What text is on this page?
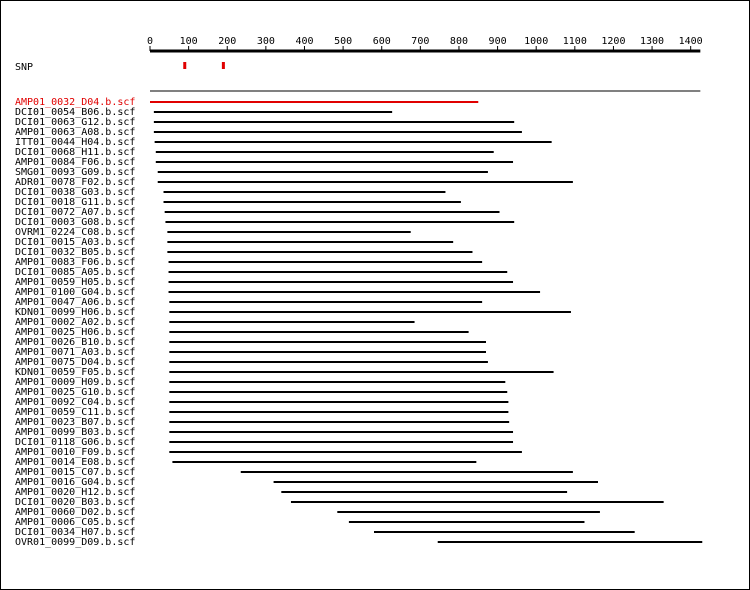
0	100 200 300 400 500 600 700 800 900 1000 1100 1200 1300 1400
SNP
AMP01_0032_D04.b.scf
DCI01_0054_B06.b.scf
DCI01_0063_G12.b.scf
AMP01_0063_A08.b.scf
ITT01_0044_H04.b.scf
DCI01_0068_H11.b.scf
AMP01_0084_F06.b.scf
SMG01_0093_G09.b.scf
ADR01_0078_F02.b.scf
DCI01_0038_G03.b.scf
DCI01_0018_G11.b.scf
DCI01_0072_A07.b.scf
DCI01_0003_G08.b.scf
OVRM1_0224_C08.b.scf
DCI01_0015_A03.b.scf
DCI01_0032_B05.b.scf
AMP01_0083_F06.b.scf
DCI01_0085_A05.b.scf
AMP01_0059_H05.b.scf
AMP01_0100_G04.b.scf
AMP01_0047_A06.b.scf
KDN01_0099_H06.b.scf
AMP01_0002_A02.b.scf
AMP01_0025_H06.b.scf
AMP01_0026_B10.b.scf
AMP01_0071_A03.b.scf
AMP01_0075_D04.b.scf
KDN01_0059_F05.b.scf
AMP01_0009_H09.b.scf
AMP01_0025_G10.b.scf
AMP01_0092_C04.b.scf
AMP01_0059_C11.b.scf
AMP01_0023_B07.b.scf
AMP01_0099_B03.b.scf
DCI01_0118_G06.b.scf
AMP01_0010_F09.b.scf
AMP01_0014_E08.b.scf
AMP01_0015_C07.b.scf
AMP01_0016_G04.b.scf
AMP01_0020_H12.b.scf
DCI01_0020_B03.b.scf
AMP01_0060_D02.b.scf
AMP01_0006_C05.b.scf
DCI01_0034_H07.b.scf
OVR01_0099_D09.b.scf
